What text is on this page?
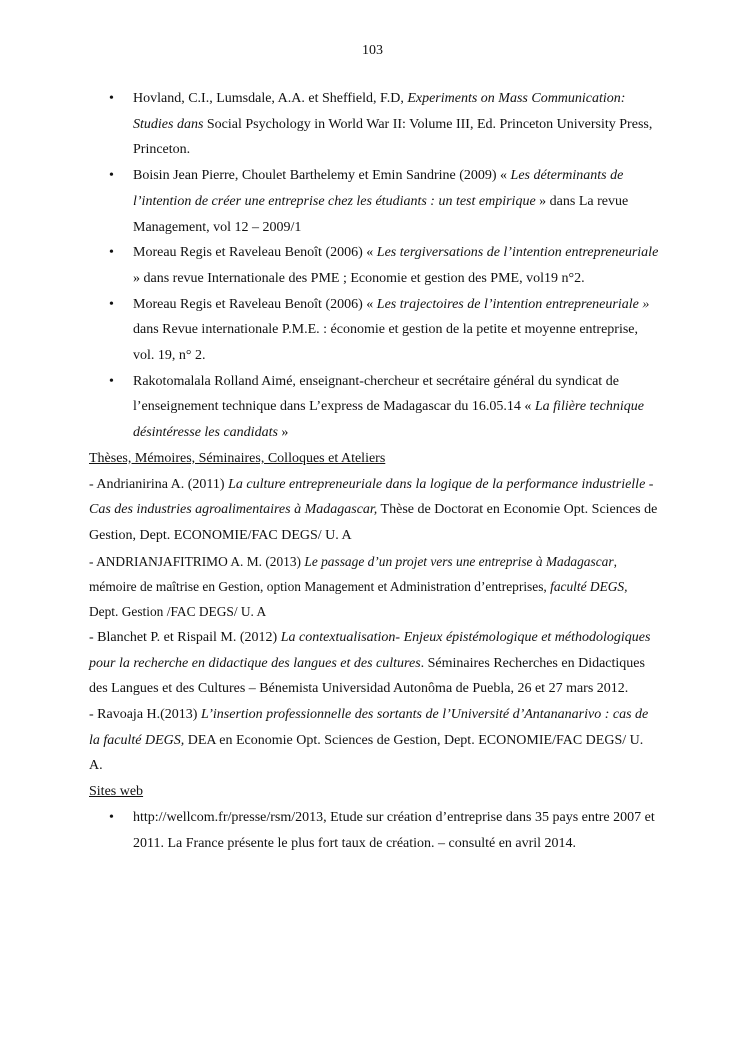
103
• Hovland, C.I., Lumsdale, A.A. et Sheffield, F.D, Experiments on Mass Communication: Studies dans Social Psychology in World War II: Volume III, Ed. Princeton University Press, Princeton.
• Boisin Jean Pierre, Choulet Barthelemy et Emin Sandrine (2009) « Les déterminants de l’intention de créer une entreprise chez les étudiants : un test empirique » dans La revue Management, vol 12 – 2009/1
• Moreau Regis et Raveleau Benoît (2006) « Les tergiversations de l’intention entrepreneuriale » dans revue Internationale des PME ; Economie et gestion des PME, vol19 n°2.
• Moreau Regis et Raveleau Benoît (2006) « Les trajectoires de l’intention entrepreneuriale » dans Revue internationale P.M.E. : économie et gestion de la petite et moyenne entreprise, vol. 19, n° 2.
• Rakotomalala Rolland Aimé, enseignant-chercheur et secrétaire général du syndicat de l’enseignement technique dans L’express de Madagascar du 16.05.14 « La filière technique désintéresse les candidats »
Thèses, Mémoires, Séminaires, Colloques et Ateliers
- Andrianirina A. (2011) La culture entrepreneuriale dans la logique de la performance industrielle - Cas des industries agroalimentaires à Madagascar, Thèse de Doctorat en Economie Opt. Sciences de Gestion, Dept. ECONOMIE/FAC DEGS/ U. A
- ANDRIANJAFITRIMO A. M. (2013) Le passage d’un projet vers une entreprise à Madagascar, mémoire de maîtrise en Gestion, option Management et Administration d’entreprises, faculté DEGS, Dept. Gestion /FAC DEGS/ U. A
- Blanchet P. et Rispail M. (2012) La contextualisation- Enjeux épistémologique et méthodologiques pour la recherche en didactique des langues et des cultures. Séminaires Recherches en Didactiques des Langues et des Cultures – Bénemista Universidad Autonôma de Puebla, 26 et 27 mars 2012.
- Ravoaja H.(2013) L’insertion professionnelle des sortants de l’Université d’Antananarivo : cas de la faculté DEGS, DEA en Economie Opt. Sciences de Gestion, Dept. ECONOMIE/FAC DEGS/ U. A.
Sites web
• http://wellcom.fr/presse/rsm/2013, Etude sur création d’entreprise dans 35 pays entre 2007 et 2011. La France présente le plus fort taux de création. – consulté en avril 2014.
